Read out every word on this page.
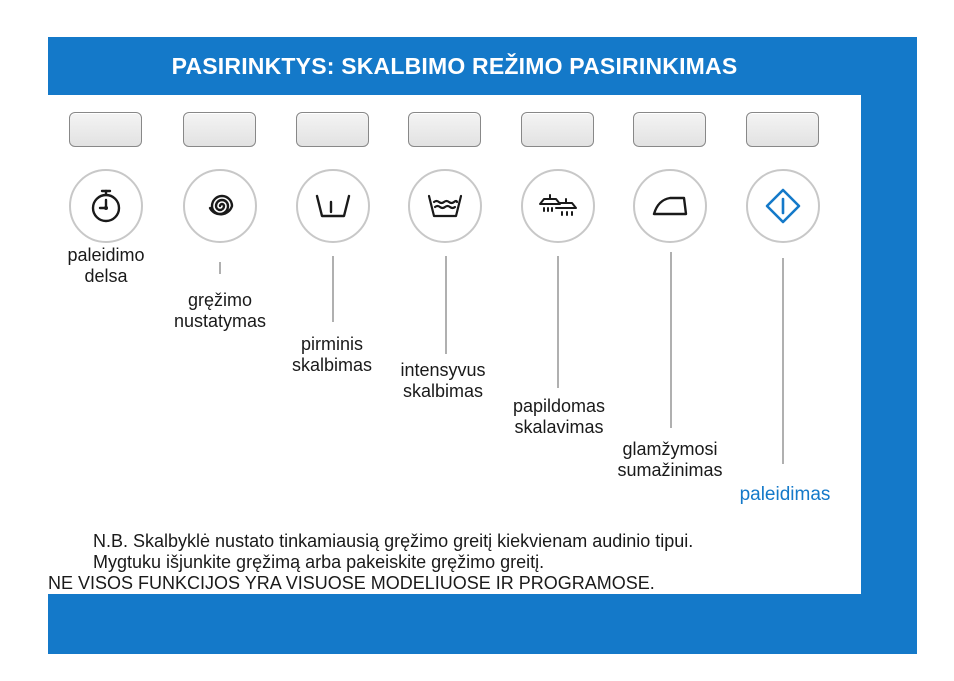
PASIRINKTYS: SKALBIMO REŽIMO PASIRINKIMAS
paleidimo
delsa
gręžimo
nustatymas
pirminis
skalbimas	intensyvus
skalbimas
papildomas
skalavimas
glamžymosi
sumažinimas
paleidimas
N.B. Skalbyklė nustato tinkamiausią gręžimo greitį kiekvienam audinio tipui.
Mygtuku išjunkite gręžimą arba pakeiskite gręžimo greitį.
NE VISOS FUNKCIJOS YRA VISUOSE MODELIUOSE IR PROGRAMOSE.
